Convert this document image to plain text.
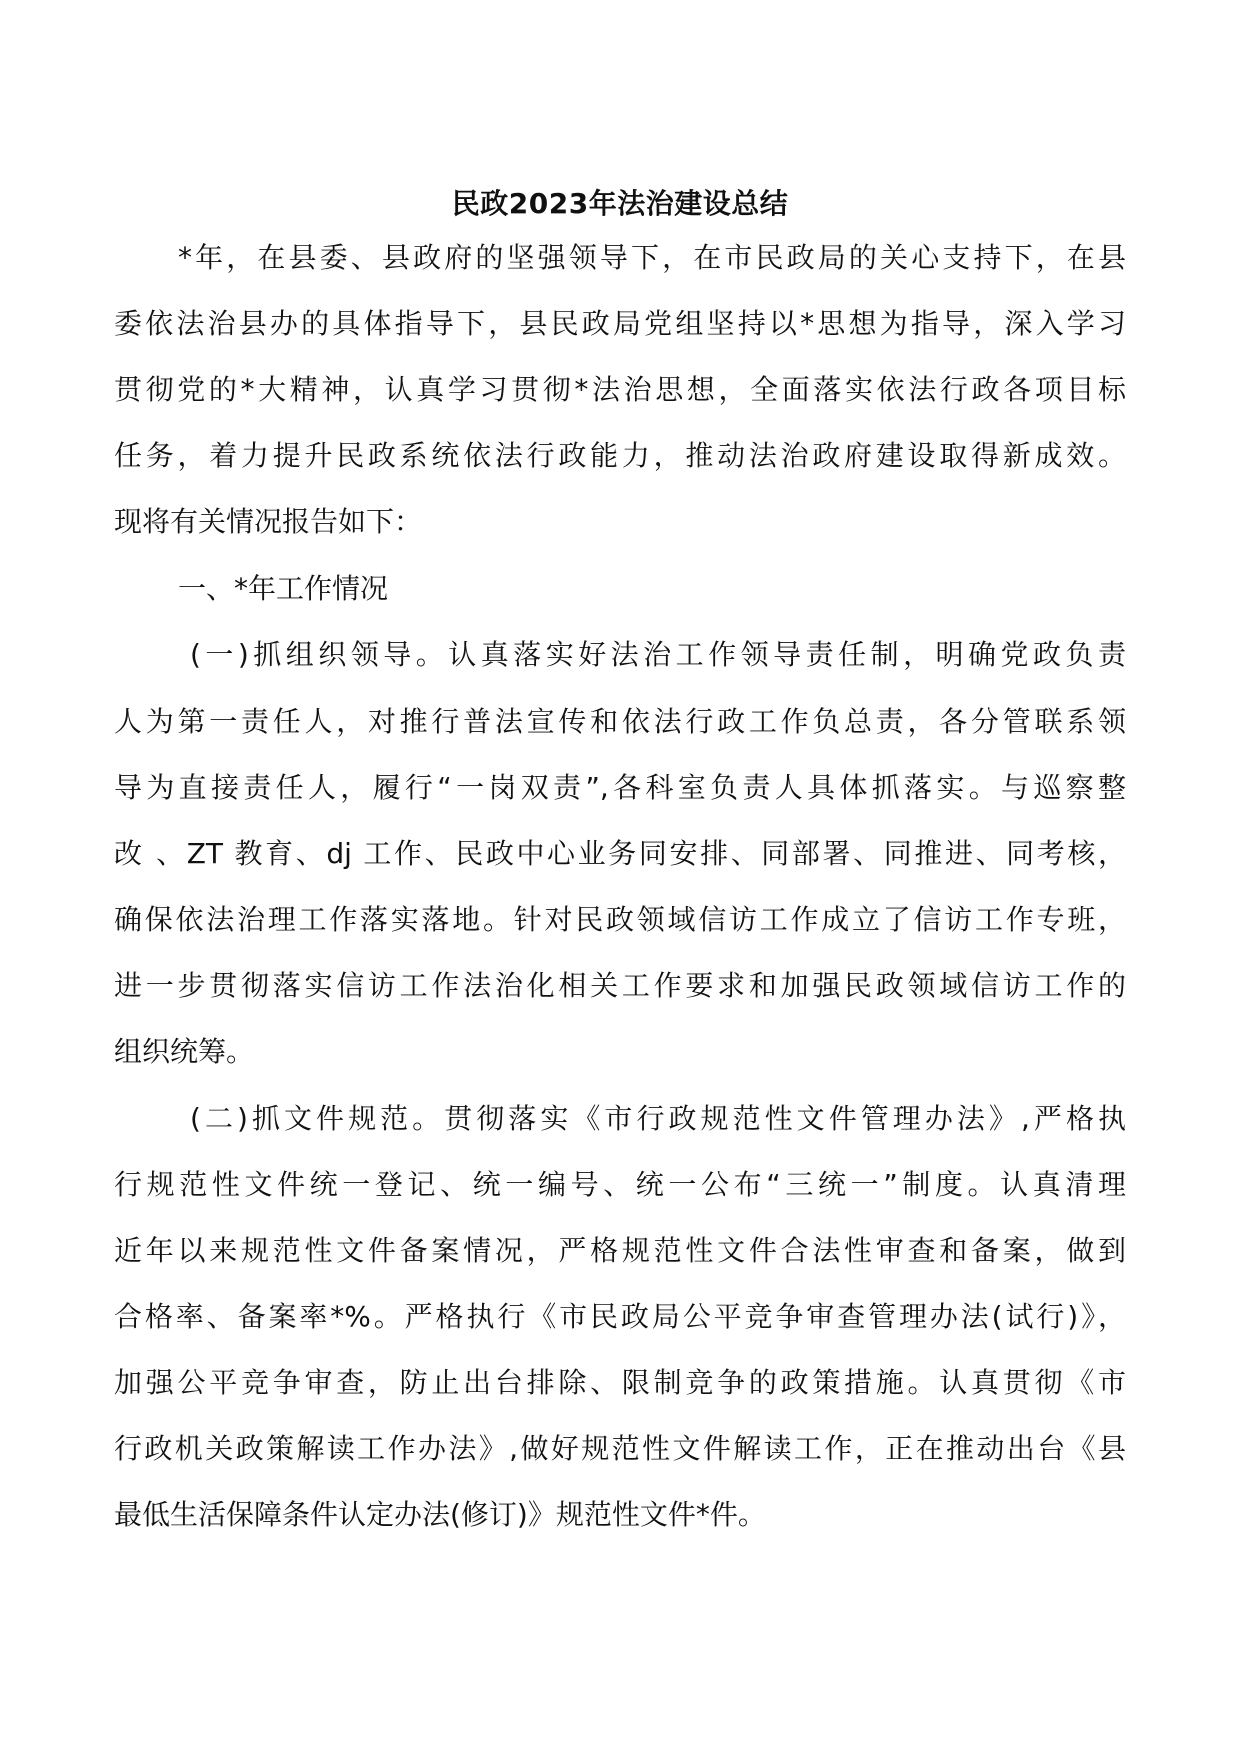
民政2023年法治建设总结
*年，在县委、县政府的坚强领导下，在市民政局的关心支持下，在县
委依法治县办的具体指导下，县民政局党组坚持以*思想为指导，深入学习
贯彻党的*大精神，认真学习贯彻*法治思想，全面落实依法行政各项目标
任务，着力提升民政系统依法行政能力，推动法治政府建设取得新成效。
现将有关情况报告如下：
一、*年工作情况
(一)抓组织领导。认真落实好法治工作领导责任制，明确党政负责
人为第一责任人，对推行普法宣传和依法行政工作负总责，各分管联系领
导为直接责任人，履行“一岗双责”,各科室负责人具体抓落实。与巡察整
改 、ZT 教育、dj 工作、民政中心业务同安排、同部署、同推进、同考核，
确保依法治理工作落实落地。针对民政领域信访工作成立了信访工作专班，
进一步贯彻落实信访工作法治化相关工作要求和加强民政领域信访工作的
组织统筹。
(二)抓文件规范。贯彻落实《市行政规范性文件管理办法》,严格执
行规范性文件统一登记、统一编号、统一公布“三统一”制度。认真清理
近年以来规范性文件备案情况，严格规范性文件合法性审查和备案，做到
合格率、备案率*%。严格执行《市民政局公平竞争审查管理办法(试行)》，
加强公平竞争审查，防止出台排除、限制竞争的政策措施。认真贯彻《市
行政机关政策解读工作办法》,做好规范性文件解读工作，正在推动出台《县
最低生活保障条件认定办法(修订)》规范性文件*件。
